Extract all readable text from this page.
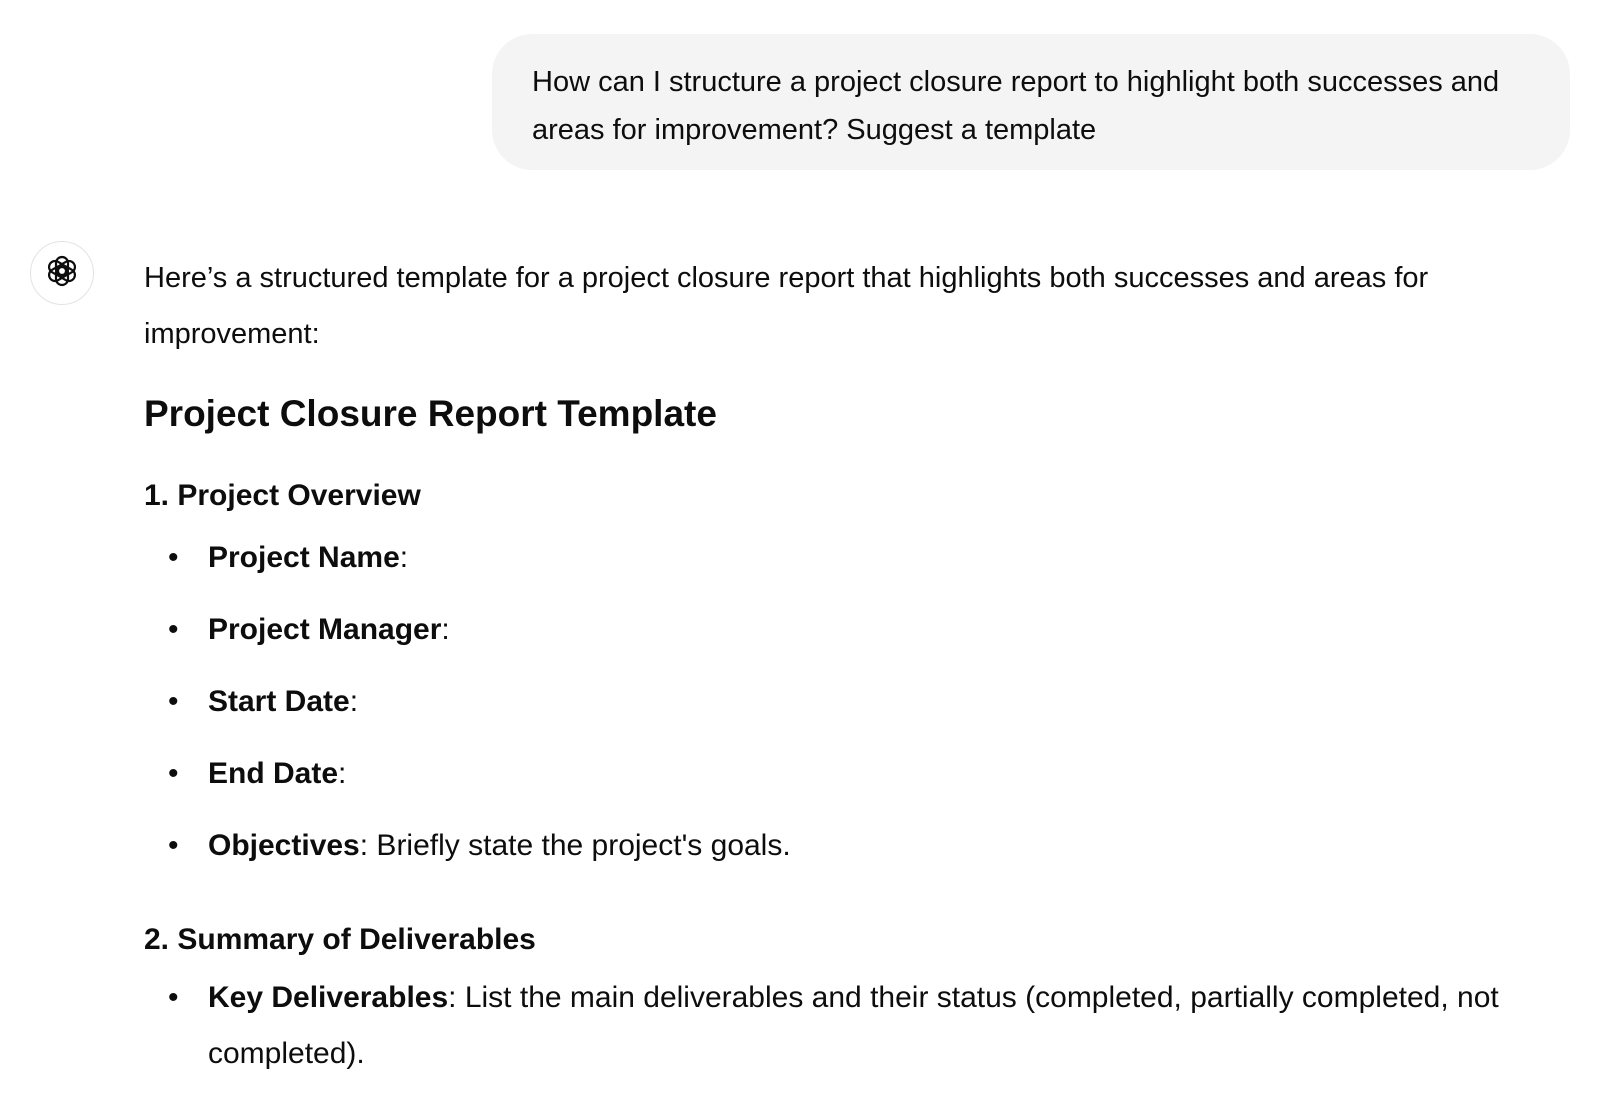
How can I structure a project closure report to highlight both successes and areas for improvement? Suggest a template

Here’s a structured template for a project closure report that highlights both successes and areas for improvement:

Project Closure Report Template
1. Project Overview
• Project Name:
• Project Manager:
• Start Date:
• End Date:
• Objectives: Briefly state the project's goals.
2. Summary of Deliverables
• Key Deliverables: List the main deliverables and their status (completed, partially completed, not completed).
